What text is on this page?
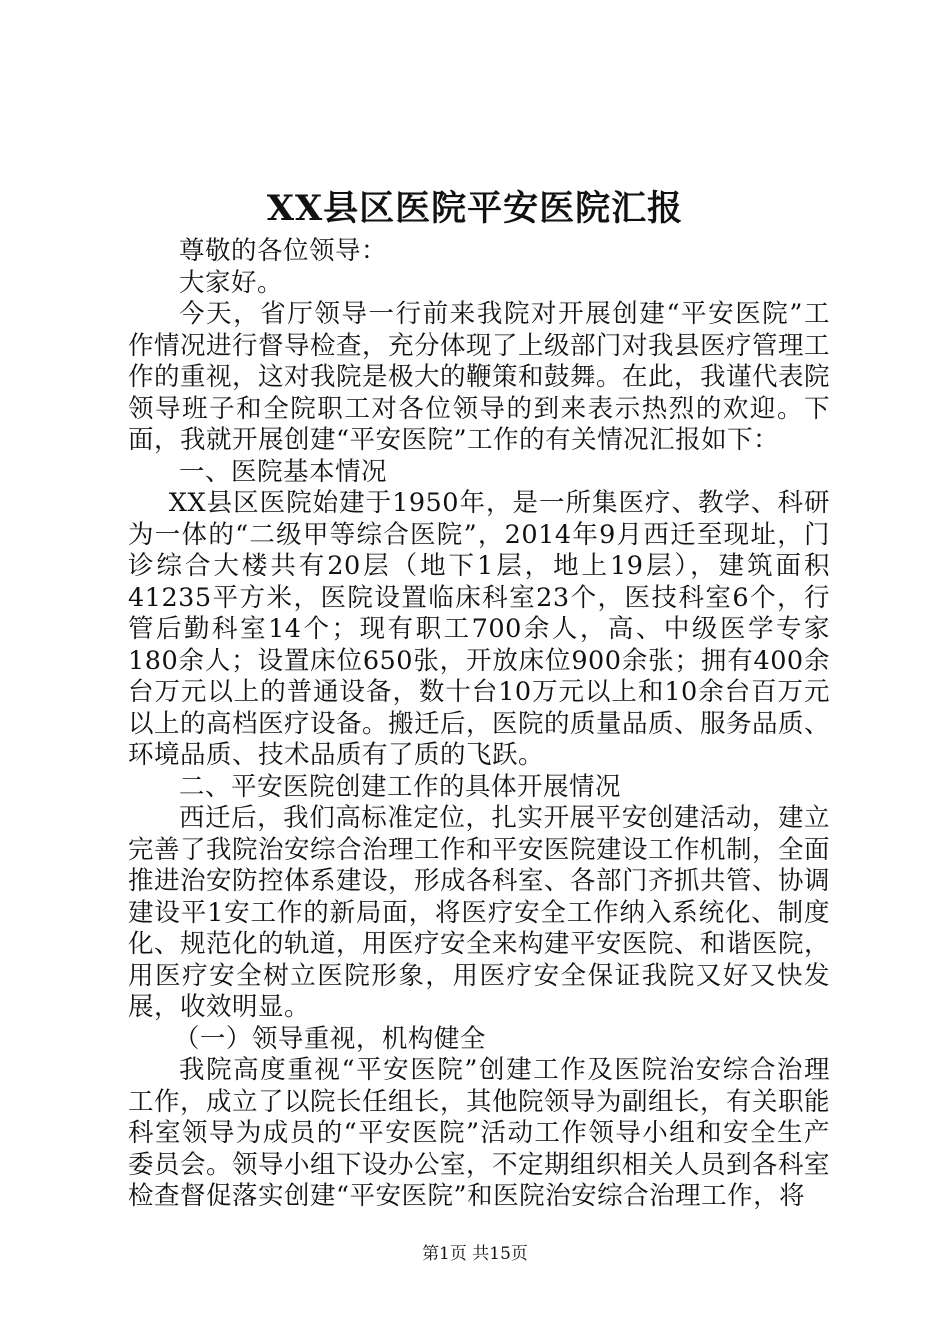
XX县区医院平安医院汇报

尊敬的各位领导：

大家好。

今天，省厅领导一行前来我院对开展创建“平安医院”工作情况进行督导检查，充分体现了上级部门对我县医疗管理工作的重视，这对我院是极大的鞭策和鼓舞。在此，我谨代表院领导班子和全院职工对各位领导的到来表示热烈的欢迎。下面，我就开展创建“平安医院”工作的有关情况汇报如下：

一、医院基本情况

XX县区医院始建于1950年，是一所集医疗、教学、科研为一体的“二级甲等综合医院”，2014年9月西迁至现址，门诊综合大楼共有20层（地下1层，地上19层），建筑面积41235平方米，医院设置临床科室23个，医技科室6个，行管后勤科室14个；现有职工700余人，高、中级医学专家180余人；设置床位650张，开放床位900余张；拥有400余台万元以上的普通设备，数十台10万元以上和10余台百万元以上的高档医疗设备。搬迁后，医院的质量品质、服务品质、环境品质、技术品质有了质的飞跃。

二、平安医院创建工作的具体开展情况

西迁后，我们高标准定位，扎实开展平安创建活动，建立完善了我院治安综合治理工作和平安医院建设工作机制，全面推进治安防控体系建设，形成各科室、各部门齐抓共管、协调建设平1安工作的新局面，将医疗安全工作纳入系统化、制度化、规范化的轨道，用医疗安全来构建平安医院、和谐医院，用医疗安全树立医院形象，用医疗安全保证我院又好又快发展，收效明显。

（一）领导重视，机构健全

我院高度重视“平安医院”创建工作及医院治安综合治理工作，成立了以院长任组长，其他院领导为副组长，有关职能科室领导为成员的“平安医院”活动工作领导小组和安全生产委员会。领导小组下设办公室，不定期组织相关人员到各科室检查督促落实创建“平安医院”和医院治安综合治理工作，将

第1页 共15页
